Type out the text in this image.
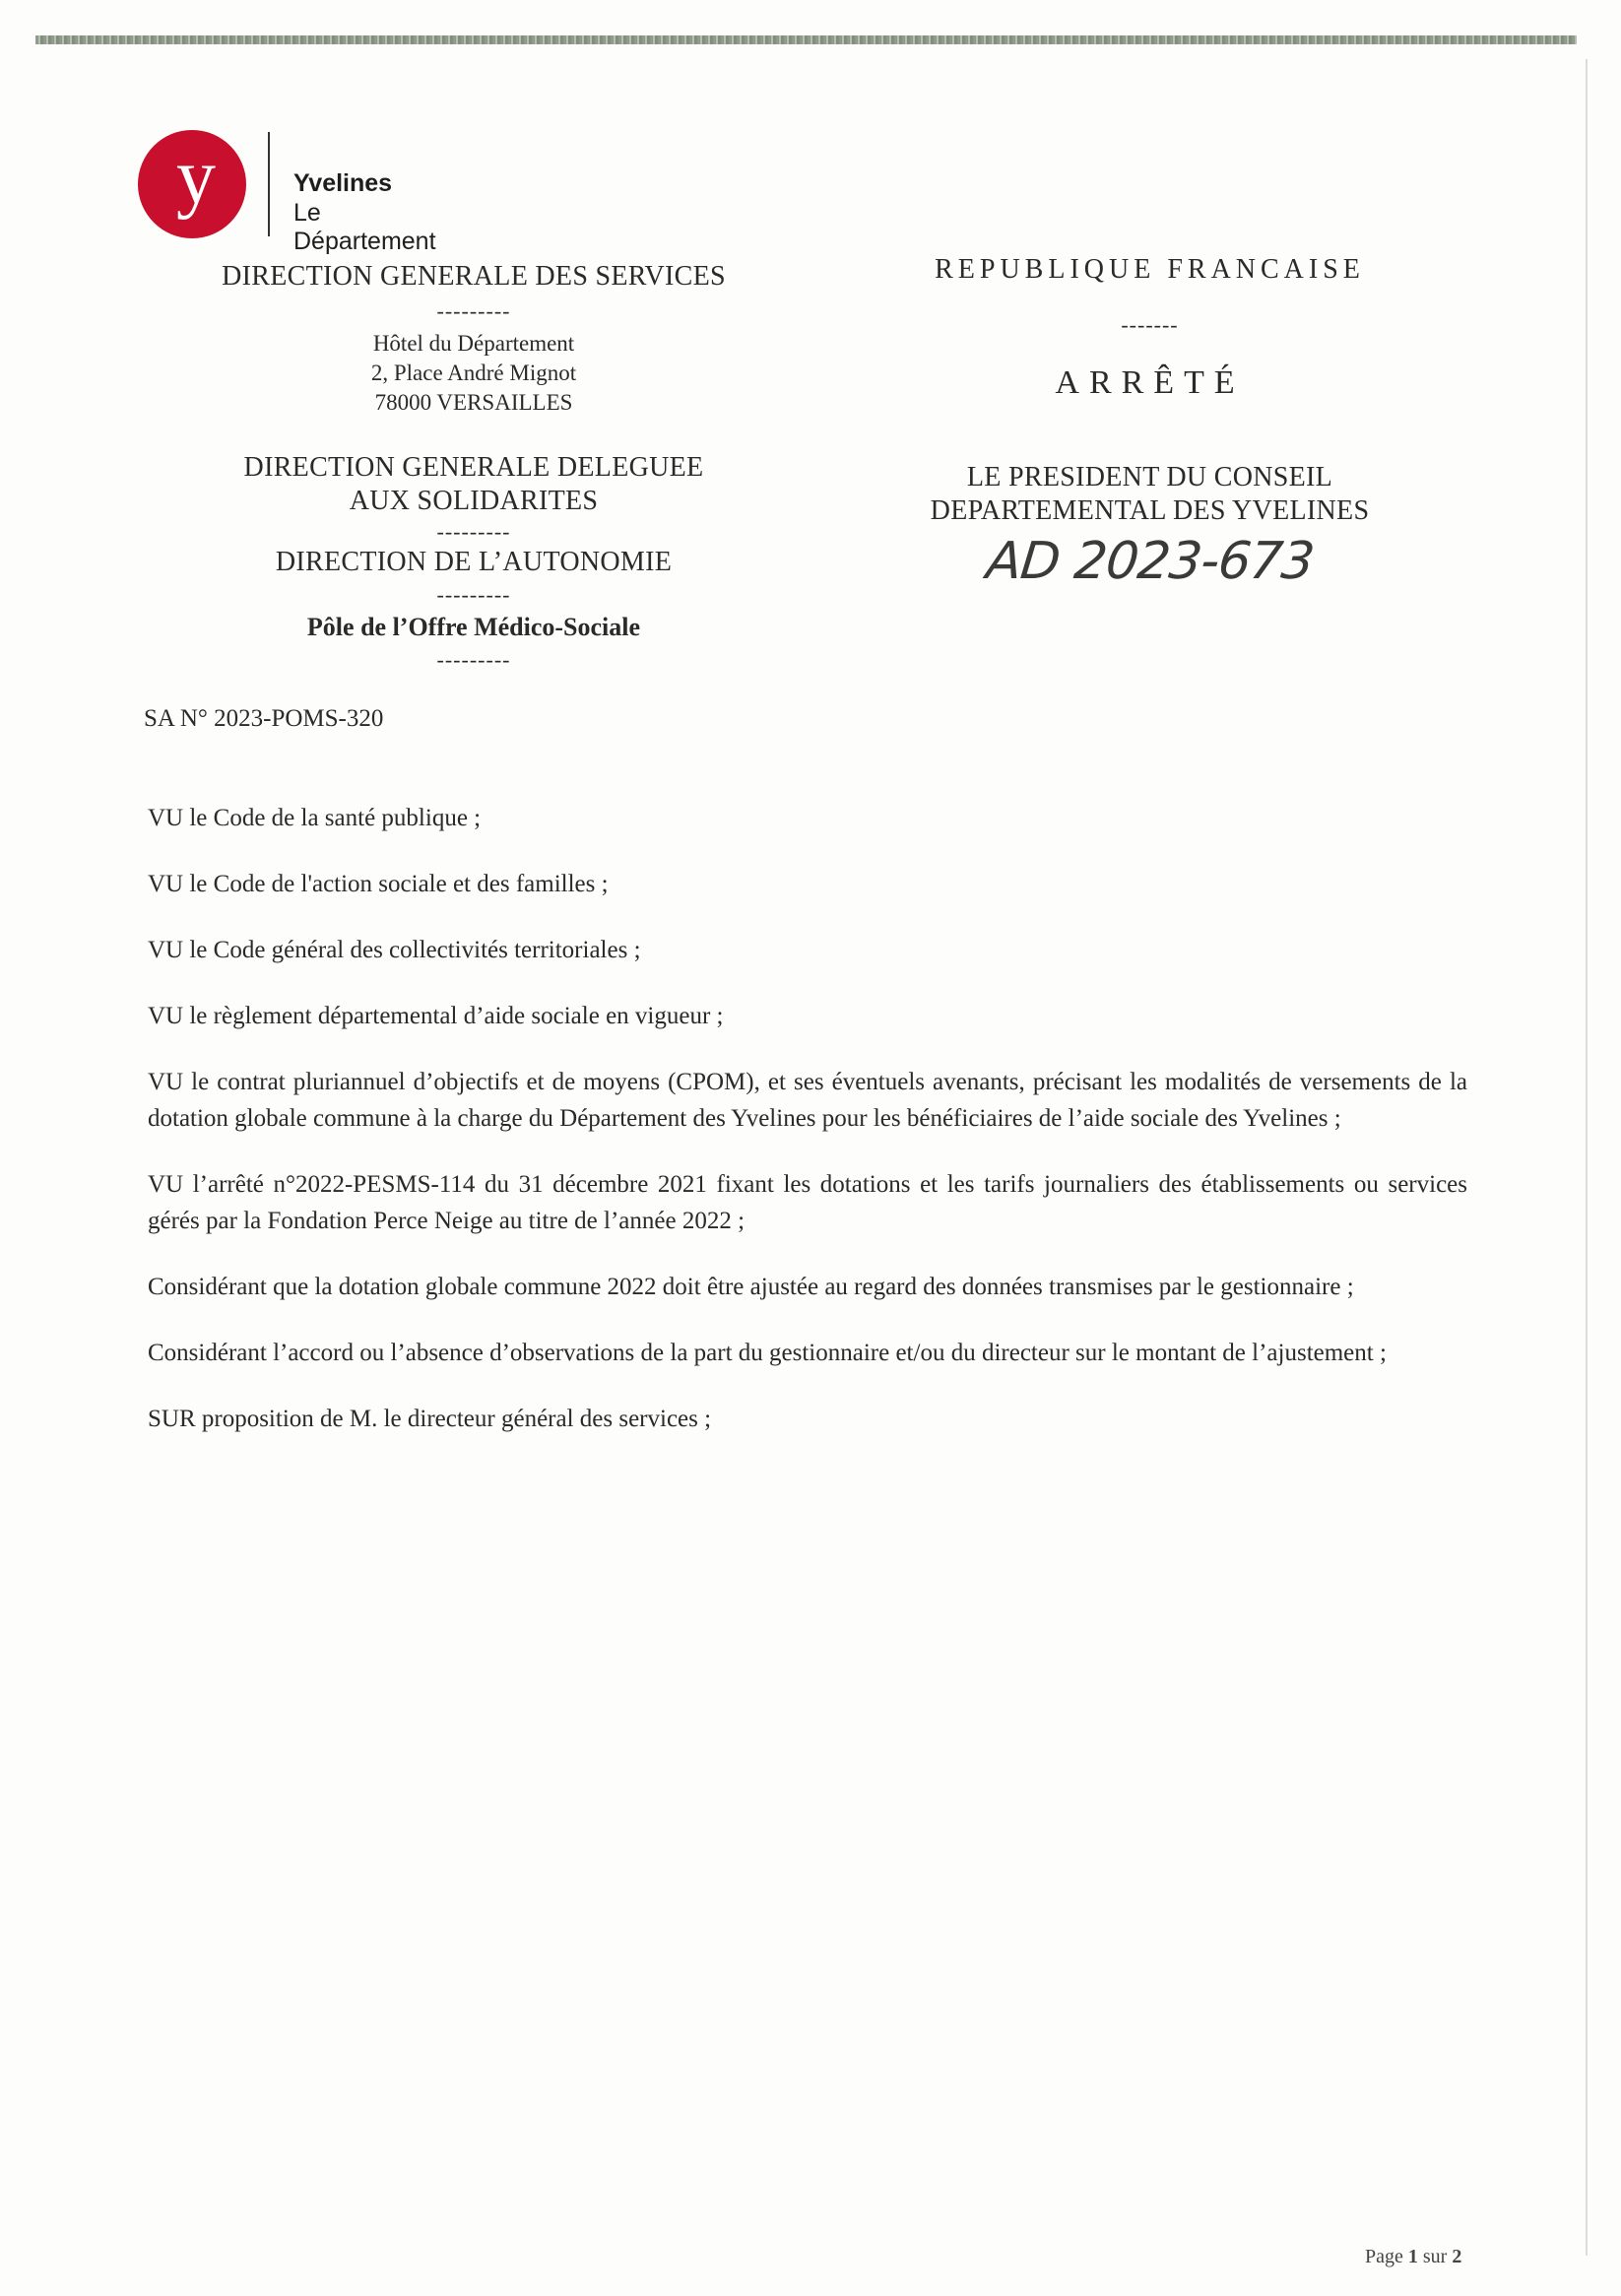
y	Yvelines
Le Département
DIRECTION GENERALE DES SERVICES
---------
Hôtel du Département
2, Place André Mignot
78000 VERSAILLES
DIRECTION GENERALE DELEGUEE
AUX SOLIDARITES
---------
DIRECTION DE L’AUTONOMIE
---------
Pôle de l’Offre Médico-Sociale
---------
REPUBLIQUE FRANCAISE
-------
ARRÊTÉ
LE PRESIDENT DU CONSEIL
DEPARTEMENTAL DES YVELINES
AD 2023-673
SA N° 2023-POMS-320

VU le Code de la santé publique ;

VU le Code de l'action sociale et des familles ;

VU le Code général des collectivités territoriales ;

VU le règlement départemental d’aide sociale en vigueur ;

VU le contrat pluriannuel d’objectifs et de moyens (CPOM), et ses éventuels avenants, précisant les modalités de versements de la dotation globale commune à la charge du Département des Yvelines pour les bénéficiaires de l’aide sociale des Yvelines ;

VU l’arrêté n°2022-PESMS-114 du 31 décembre 2021 fixant les dotations et les tarifs journaliers des établissements ou services gérés par la Fondation Perce Neige au titre de l’année 2022 ;

Considérant que la dotation globale commune 2022 doit être ajustée au regard des données transmises par le gestionnaire ;

Considérant l’accord ou l’absence d’observations de la part du gestionnaire et/ou du directeur sur le montant de l’ajustement ;

SUR proposition de M. le directeur général des services ;

Page 1 sur 2
